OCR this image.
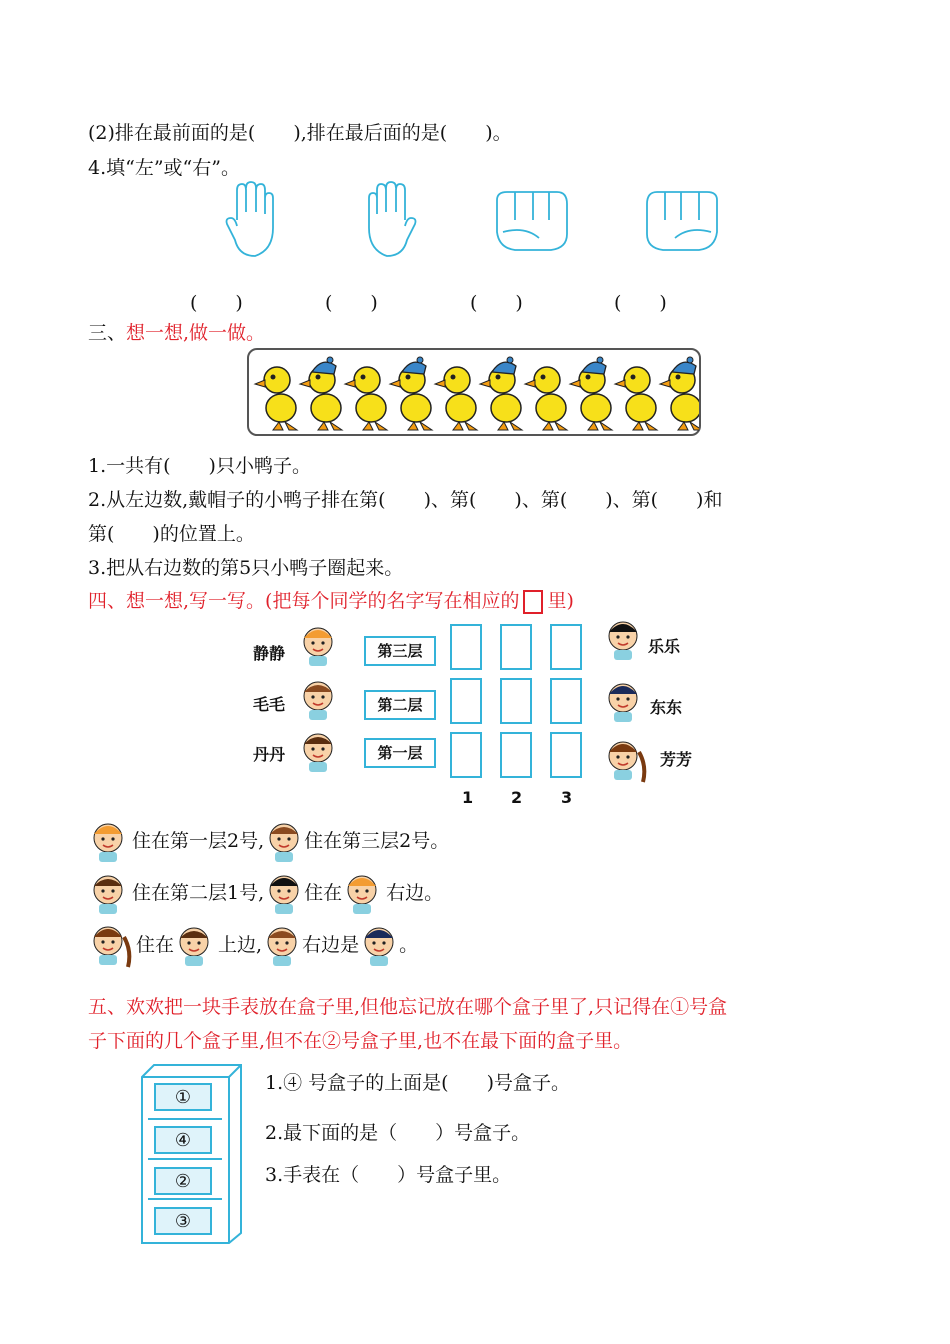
(2)排在最前面的是(　　),排在最后面的是(　　)。
4.填“左”或“右”。
(　　)	(　　)	(　　)	(　　)
三、想一想,做一做。
1.一共有(　　)只小鸭子。
2.从左边数,戴帽子的小鸭子排在第(　　)、第(　　)、第(　　)、第(　　)和
第(　　)的位置上。
3.把从右边数的第5只小鸭子圈起来。
四、想一想,写一写。(把每个同学的名字写在相应的 里)
静静
毛毛
丹丹
第三层
第二层
第一层
1 2 3
乐乐
东东
芳芳
住在第一层2号, 住在第三层2号。
住在第二层1号, 住在 右边。
住在 上边, 右边是 。
五、欢欢把一块手表放在盒子里,但他忘记放在哪个盒子里了,只记得在①号盒
子下面的几个盒子里,但不在②号盒子里,也不在最下面的盒子里。
①
④
②
③
1.④ 号盒子的上面是(　　)号盒子。
2.最下面的是（　　）号盒子。
3.手表在（　　）号盒子里。
